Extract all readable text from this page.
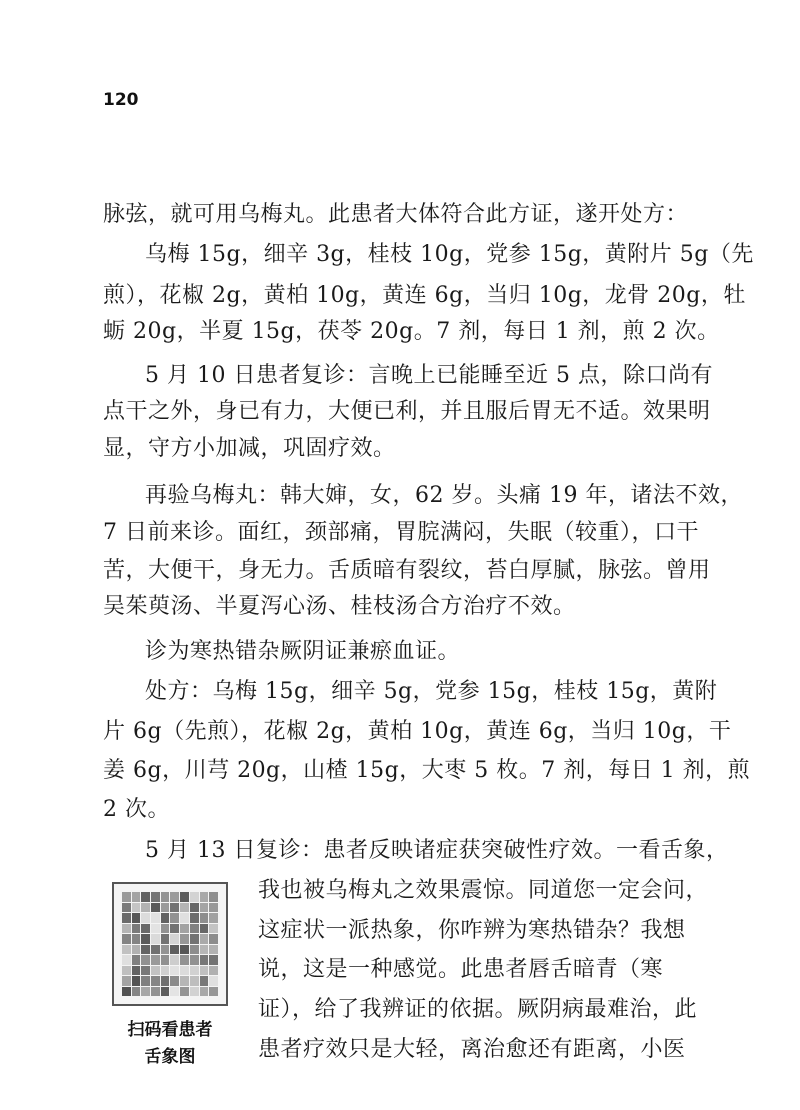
120
脉弦，就可用乌梅丸。此患者大体符合此方证，遂开处方：
乌梅 15g，细辛 3g，桂枝 10g，党参 15g，黄附片 5g（先
煎），花椒 2g，黄柏 10g，黄连 6g，当归 10g，龙骨 20g，牡
蛎 20g，半夏 15g，茯苓 20g。7 剂，每日 1 剂，煎 2 次。
5 月 10 日患者复诊：言晚上已能睡至近 5 点，除口尚有
点干之外，身已有力，大便已利，并且服后胃无不适。效果明
显，守方小加减，巩固疗效。
再验乌梅丸：韩大婶，女，62 岁。头痛 19 年，诸法不效，
7 日前来诊。面红，颈部痛，胃脘满闷，失眠（较重），口干
苦，大便干，身无力。舌质暗有裂纹，苔白厚腻，脉弦。曾用
吴茱萸汤、半夏泻心汤、桂枝汤合方治疗不效。
诊为寒热错杂厥阴证兼瘀血证。
处方：乌梅 15g，细辛 5g，党参 15g，桂枝 15g，黄附
片 6g（先煎），花椒 2g，黄柏 10g，黄连 6g，当归 10g，干
姜 6g，川芎 20g，山楂 15g，大枣 5 枚。7 剂，每日 1 剂，煎
2 次。
5 月 13 日复诊：患者反映诸症获突破性疗效。一看舌象，
我也被乌梅丸之效果震惊。同道您一定会问，
这症状一派热象，你咋辨为寒热错杂？我想
说，这是一种感觉。此患者唇舌暗青（寒
证），给了我辨证的依据。厥阴病最难治，此
患者疗效只是大轻，离治愈还有距离，小医
扫码看患者
舌象图
